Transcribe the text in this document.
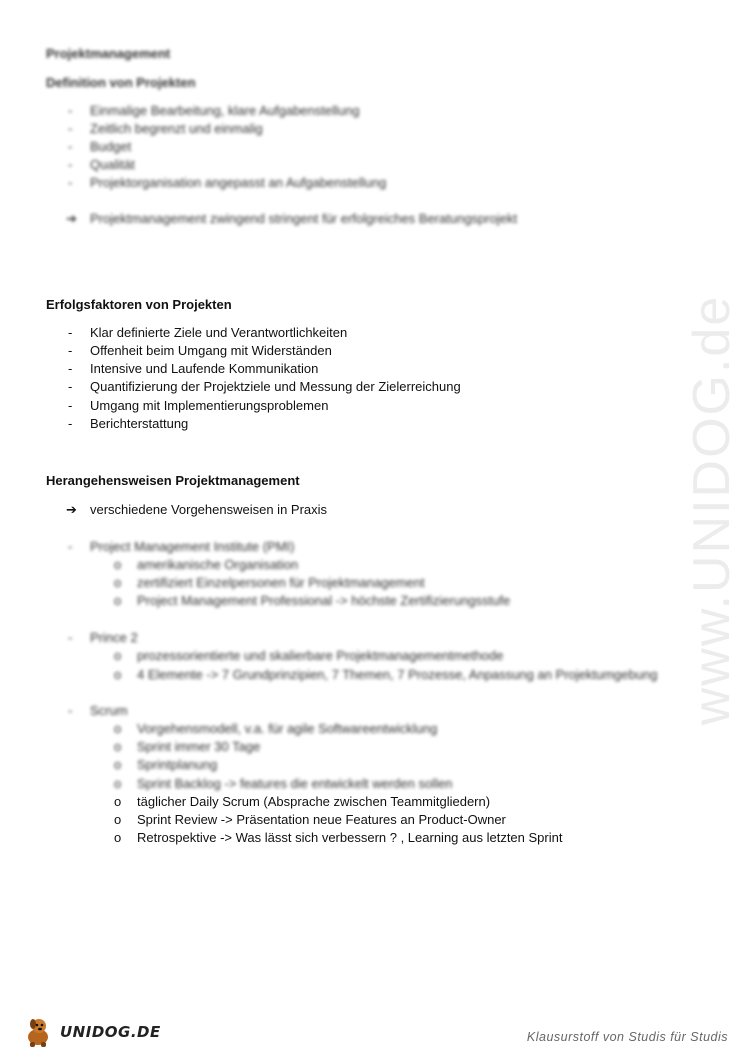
www.UNIDOG.de
Projektmanagement
Definition von Projekten
-	Einmalige Bearbeitung, klare Aufgabenstellung
-	Zeitlich begrenzt und einmalig
-	Budget
-	Qualität
-	Projektorganisation angepasst an Aufgabenstellung
➔ Projektmanagement zwingend stringent für erfolgreiches Beratungsprojekt
Erfolgsfaktoren von Projekten
-	Klar definierte Ziele und Verantwortlichkeiten
-	Offenheit beim Umgang mit Widerständen
-	Intensive und Laufende Kommunikation
-	Quantifizierung der Projektziele und Messung der Zielerreichung
-	Umgang mit Implementierungsproblemen
-	Berichterstattung
Herangehensweisen Projektmanagement
➔ verschiedene Vorgehensweisen in Praxis
-	Project Management Institute (PMI)
o amerikanische Organisation
o zertifiziert Einzelpersonen für Projektmanagement
o Project Management Professional -> höchste Zertifizierungsstufe
-	Prince 2
o prozessorientierte und skalierbare Projektmanagementmethode
o 4 Elemente -> 7 Grundprinzipien, 7 Themen, 7 Prozesse, Anpassung an Projektumgebung
-	Scrum
o Vorgehensmodell, v.a. für agile Softwareentwicklung
o Sprint immer 30 Tage
o Sprintplanung
o Sprint Backlog -> features die entwickelt werden sollen
o täglicher Daily Scrum (Absprache zwischen Teammitgliedern)
o Sprint Review -> Präsentation neue Features an Product-Owner
o Retrospektive -> Was lässt sich verbessern ? , Learning aus letzten Sprint
UNIDOG.DE	Klausurstoff von Studis für Studis
